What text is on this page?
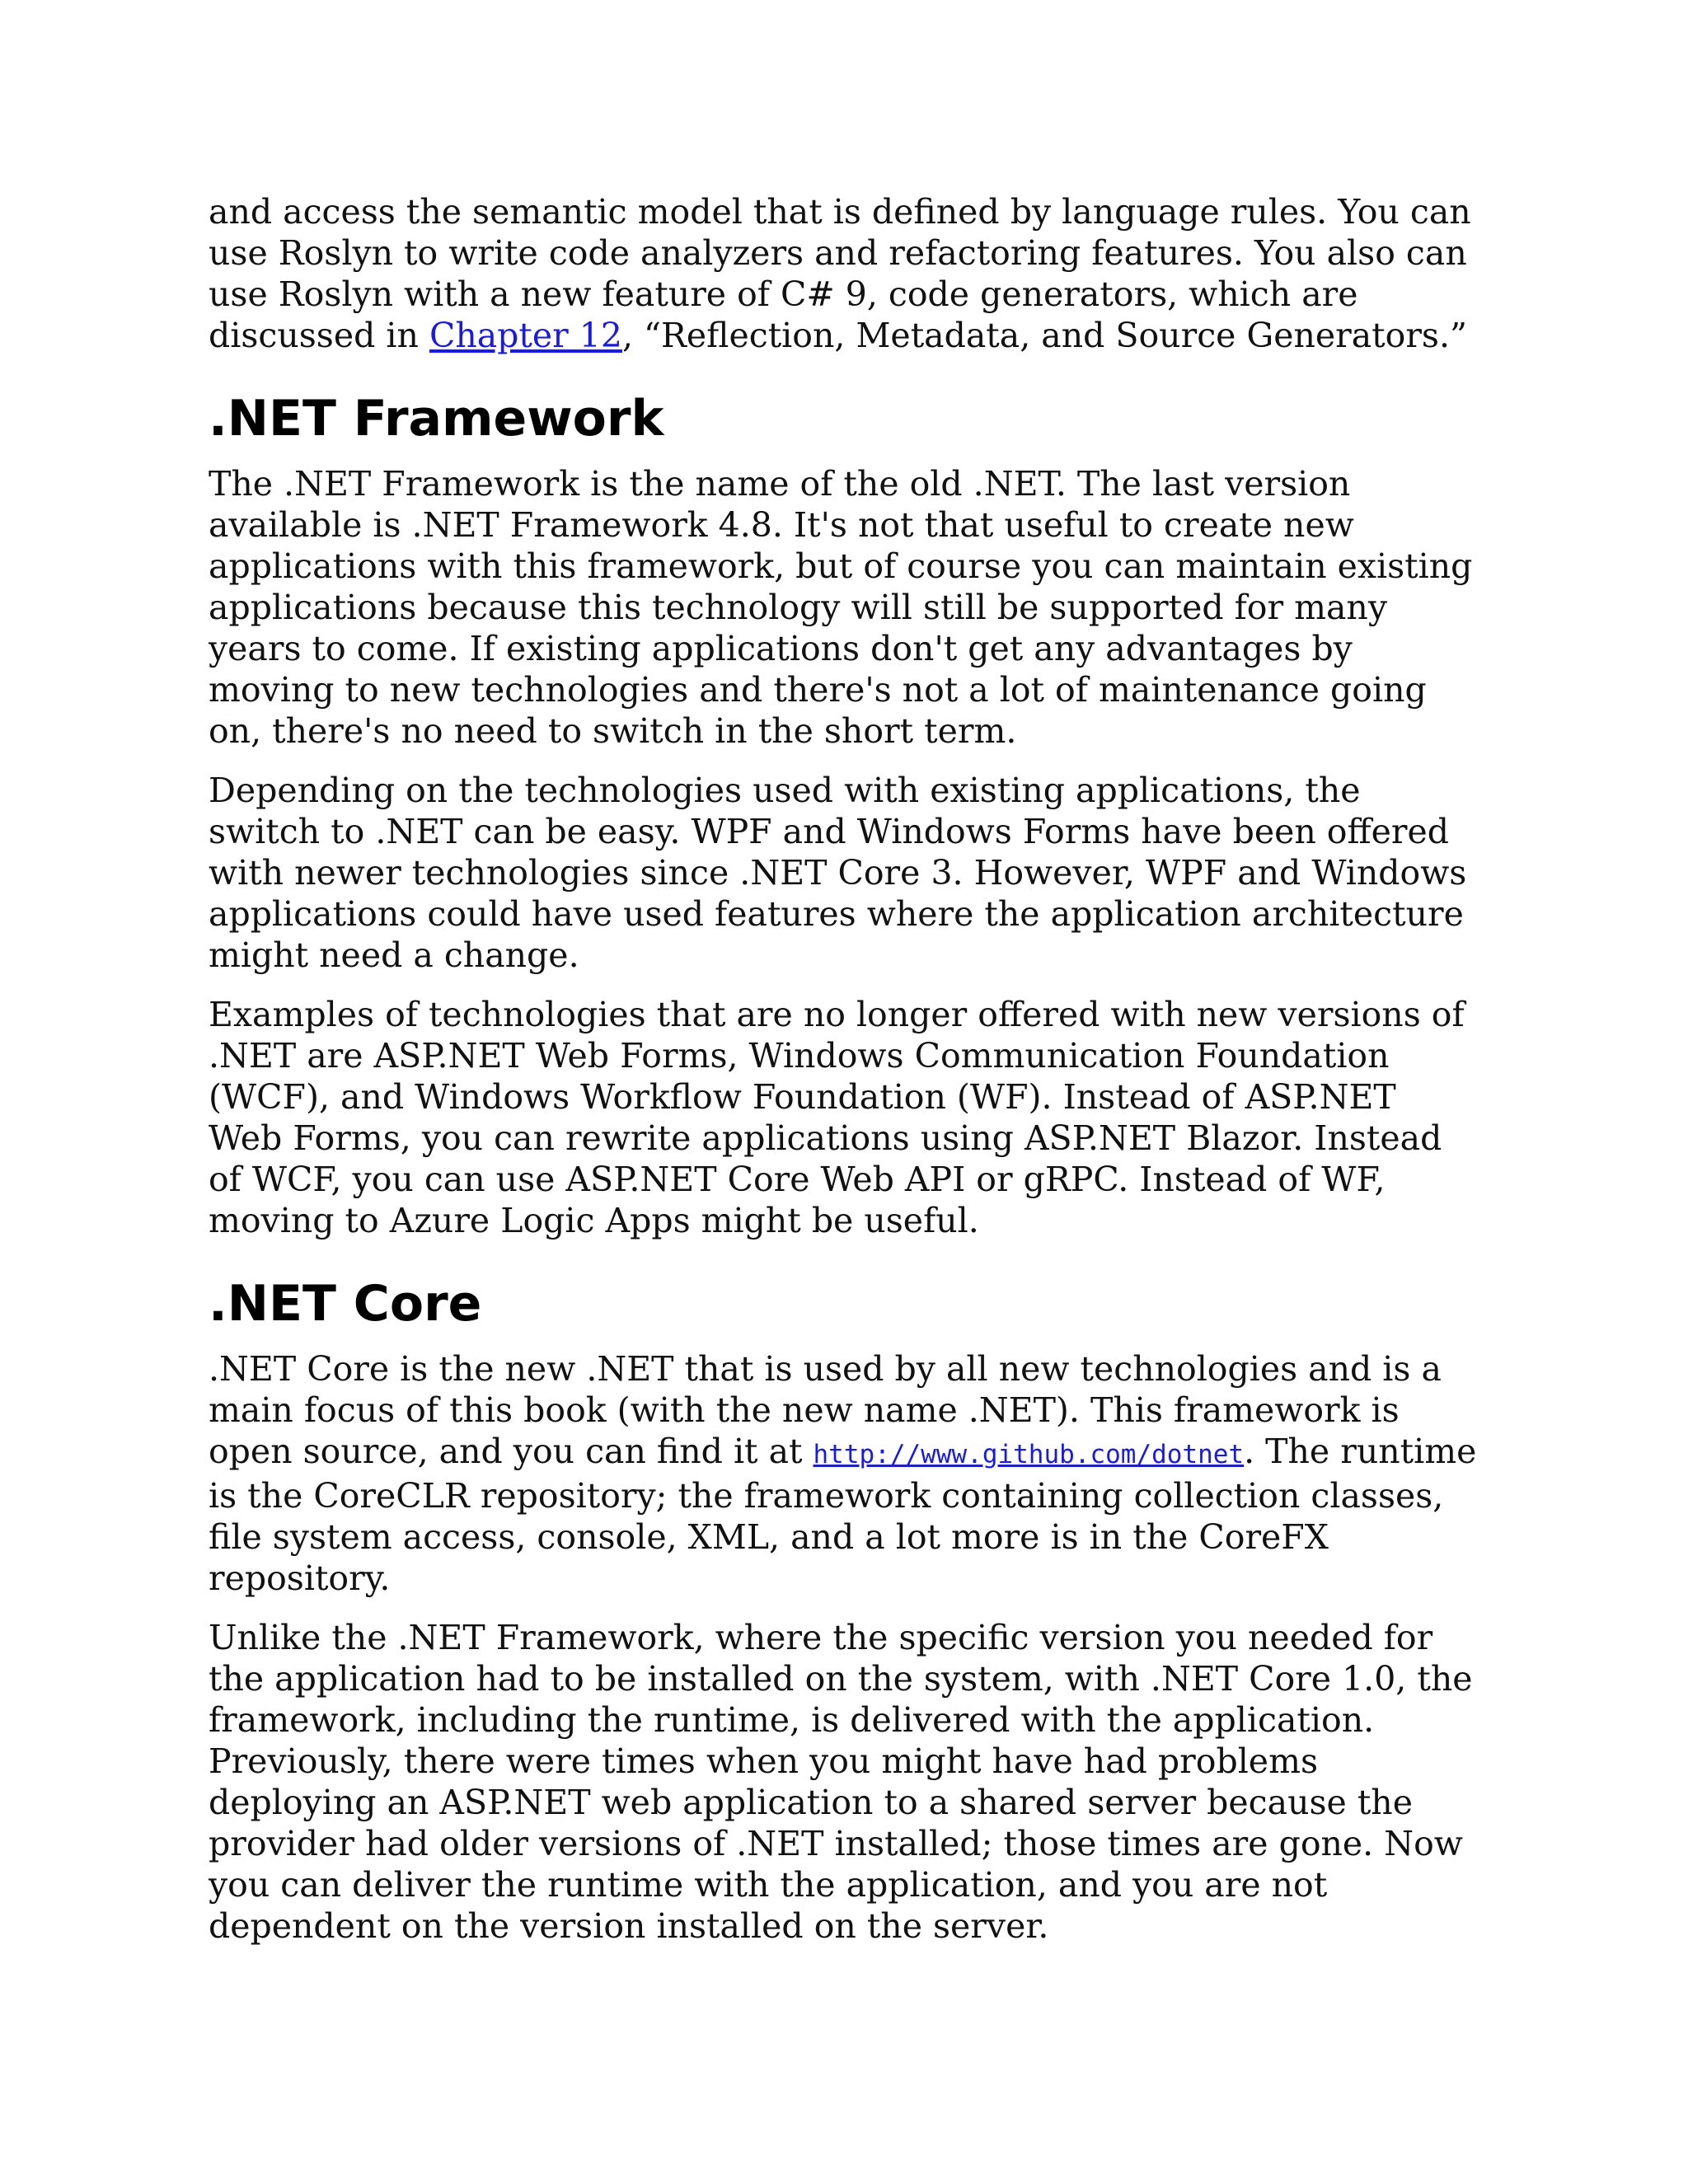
and access the semantic model that is defined by language rules. You can use Roslyn to write code analyzers and refactoring features. You also can use Roslyn with a new feature of C# 9, code generators, which are discussed in Chapter 12, “Reflection, Metadata, and Source Generators.”

.NET Framework

The .NET Framework is the name of the old .NET. The last version available is .NET Framework 4.8. It's not that useful to create new applications with this framework, but of course you can maintain existing applications because this technology will still be supported for many years to come. If existing applications don't get any advantages by moving to new technologies and there's not a lot of maintenance going on, there's no need to switch in the short term.

Depending on the technologies used with existing applications, the switch to .NET can be easy. WPF and Windows Forms have been offered with newer technologies since .NET Core 3. However, WPF and Windows applications could have used features where the application architecture might need a change.

Examples of technologies that are no longer offered with new versions of .NET are ASP.NET Web Forms, Windows Communication Foundation (WCF), and Windows Workflow Foundation (WF). Instead of ASP.NET Web Forms, you can rewrite applications using ASP.NET Blazor. Instead of WCF, you can use ASP.NET Core Web API or gRPC. Instead of WF, moving to Azure Logic Apps might be useful.

.NET Core

.NET Core is the new .NET that is used by all new technologies and is a main focus of this book (with the new name .NET). This framework is open source, and you can find it at http://www.github.com/dotnet. The runtime is the CoreCLR repository; the framework containing collection classes, file system access, console, XML, and a lot more is in the CoreFX repository.

Unlike the .NET Framework, where the specific version you needed for the application had to be installed on the system, with .NET Core 1.0, the framework, including the runtime, is delivered with the application. Previously, there were times when you might have had problems deploying an ASP.NET web application to a shared server because the provider had older versions of .NET installed; those times are gone. Now you can deliver the runtime with the application, and you are not dependent on the version installed on the server.
